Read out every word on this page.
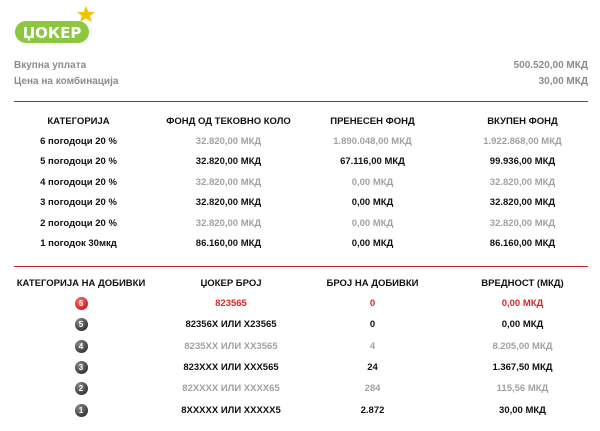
ЏОКЕР
Вкупна уплата	500.520,00 МКД
Цена на комбинација	30,00 МКД
КАТЕГОРИЈА	ФОНД ОД ТЕКОВНО КОЛО	ПРЕНЕСЕН ФОНД	ВКУПЕН ФОНД
6 погодоци 20 %	32.820,00 МКД	1.890.048,00 МКД	1.922.868,00 МКД
5 погодоци 20 %	32.820,00 МКД	67.116,00 МКД	99.936,00 МКД
4 погодоци 20 %	32.820,00 МКД	0,00 МКД	32.820,00 МКД
3 погодоци 20 %	32.820,00 МКД	0,00 МКД	32.820,00 МКД
2 погодоци 20 %	32.820,00 МКД	0,00 МКД	32.820,00 МКД
1 погодок 30мкд	86.160,00 МКД	0,00 МКД	86.160,00 МКД
КАТЕГОРИЈА НА ДОБИВКИ	ЏОКЕР БРОЈ	БРОЈ НА ДОБИВКИ	ВРЕДНОСТ (МКД)
6	823565	0	0,00 МКД
5	82356X ИЛИ X23565	0	0,00 МКД
4	8235XX ИЛИ XX3565	4	8.205,00 МКД
3	823XXX ИЛИ XXX565	24	1.367,50 МКД
2	82XXXX ИЛИ XXXX65	284	115,56 МКД
1	8XXXXX ИЛИ XXXXX5	2.872	30,00 МКД
